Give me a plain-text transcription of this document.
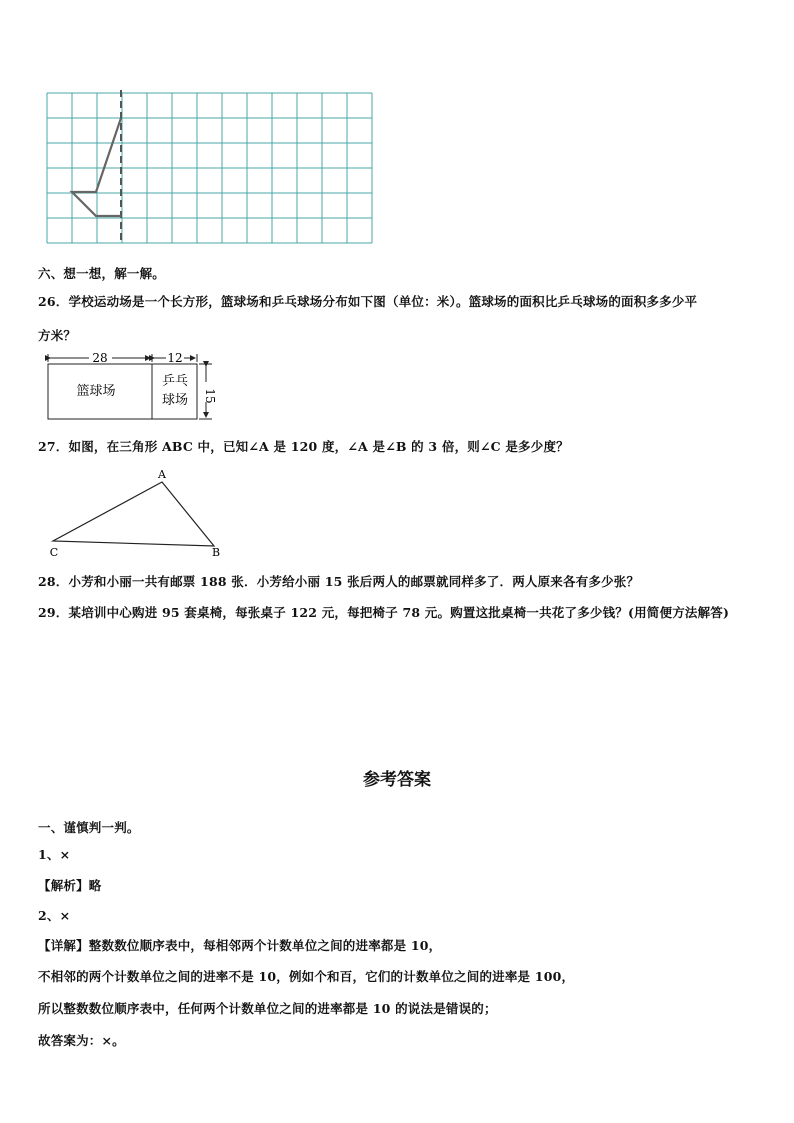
六、想一想，解一解。
26．学校运动场是一个长方形，篮球场和乒乓球场分布如下图（单位：米）。篮球场的面积比乒乓球场的面积多多少平
方米？
28	12
篮球场
乒乓
球场 15
27．如图，在三角形 ABC 中，已知∠A 是 120 度，∠A 是∠B 的 3 倍，则∠C 是多少度？
A
C	B
28．小芳和小丽一共有邮票 188 张．小芳给小丽 15 张后两人的邮票就同样多了．两人原来各有多少张？
29．某培训中心购进 95 套桌椅，每张桌子 122 元，每把椅子 78 元。购置这批桌椅一共花了多少钱？(用简便方法解答)
参考答案
一、谨慎判一判。
1、×
【解析】略
2、×
【详解】整数数位顺序表中，每相邻两个计数单位之间的进率都是 10，
不相邻的两个计数单位之间的进率不是 10，例如个和百，它们的计数单位之间的进率是 100，
所以整数数位顺序表中，任何两个计数单位之间的进率都是 10 的说法是错误的；
故答案为：×。
